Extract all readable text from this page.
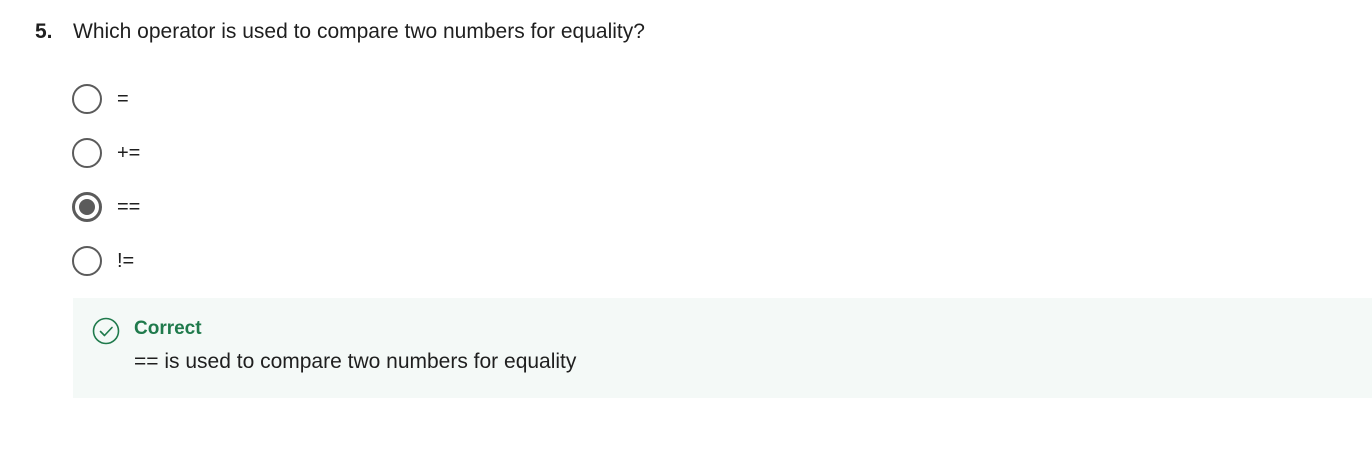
5. Which operator is used to compare two numbers for equality?
=
+=
==
!=
Correct
== is used to compare two numbers for equality
